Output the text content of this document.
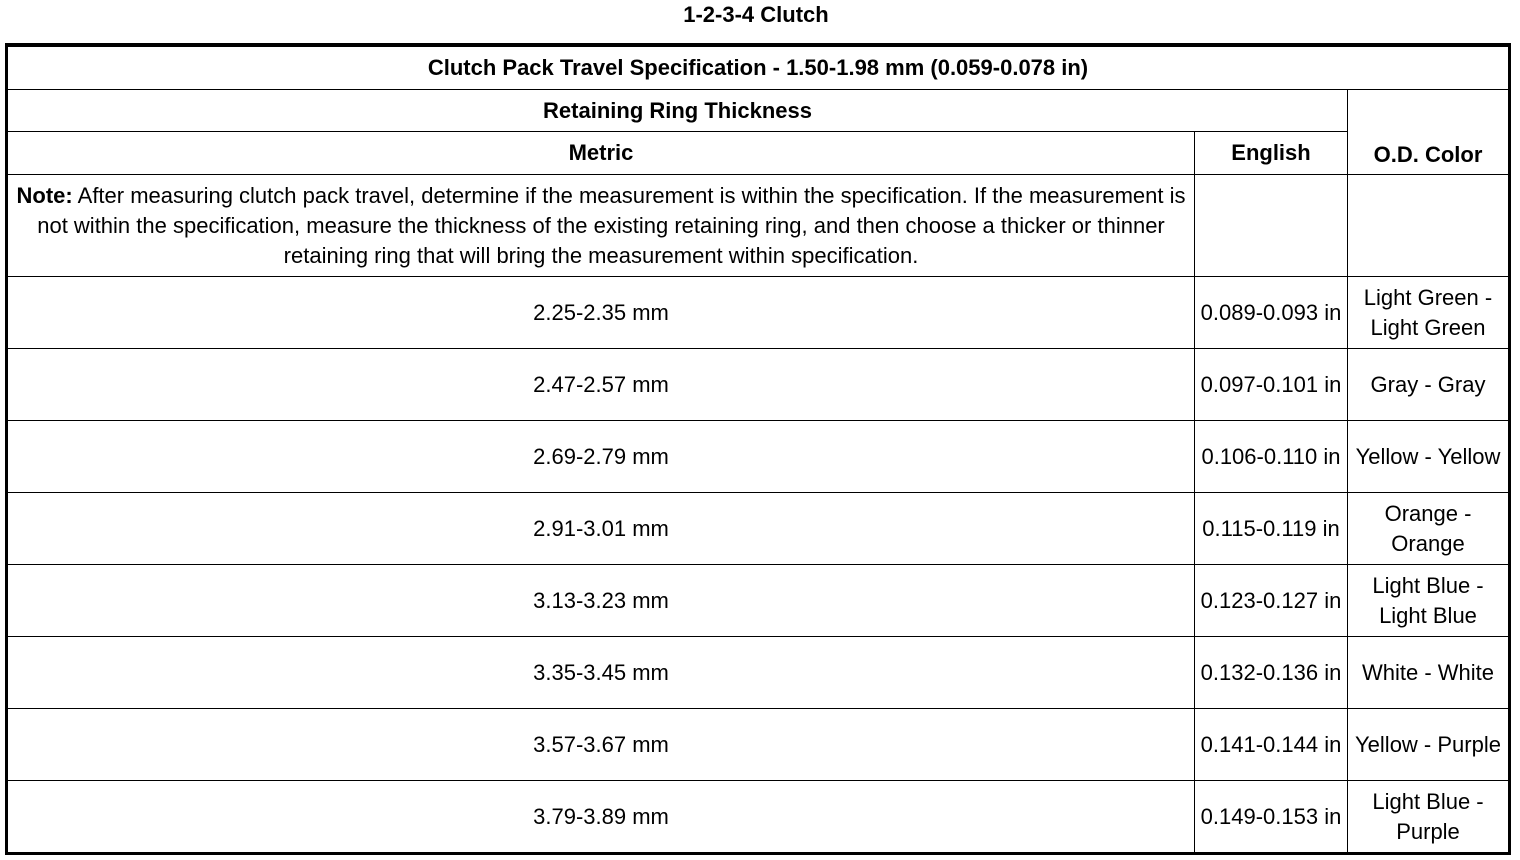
1-2-3-4 Clutch

Clutch Pack Travel Specification - 1.50-1.98 mm (0.059-0.078 in)		
Retaining Ring Thickness		O.D. Color
Metric	English	
Note: After measuring clutch pack travel, determine if the measurement is within the specification. If the measurement is not within the specification, measure the thickness of the existing retaining ring, and then choose a thicker or thinner retaining ring that will bring the measurement within specification.		
2.25-2.35 mm	0.089-0.093 in	Light Green - Light Green
2.47-2.57 mm	0.097-0.101 in	Gray - Gray
2.69-2.79 mm	0.106-0.110 in	Yellow - Yellow
2.91-3.01 mm	0.115-0.119 in	Orange - Orange
3.13-3.23 mm	0.123-0.127 in	Light Blue - Light Blue
3.35-3.45 mm	0.132-0.136 in	White - White
3.57-3.67 mm	0.141-0.144 in	Yellow - Purple
3.79-3.89 mm	0.149-0.153 in	Light Blue - Purple
